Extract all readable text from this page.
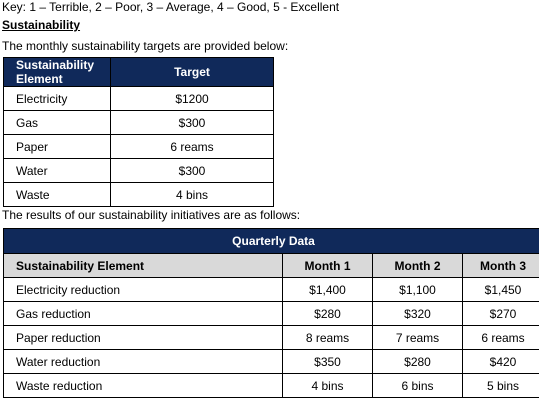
Key: 1 – Terrible, 2 – Poor, 3 – Average, 4 – Good, 5 - Excellent
Sustainability
The monthly sustainability targets are provided below:
Sustainability Element	Target
Electricity	$1200
Gas	$300
Paper	6 reams
Water	$300
Waste	4 bins
The results of our sustainability initiatives are as follows:
Quarterly Data			
Sustainability Element	Month 1	Month 2	Month 3
Electricity reduction	$1,400	$1,100	$1,450
Gas reduction	$280	$320	$270
Paper reduction	8 reams	7 reams	6 reams
Water reduction	$350	$280	$420
Waste reduction	4 bins	6 bins	5 bins
